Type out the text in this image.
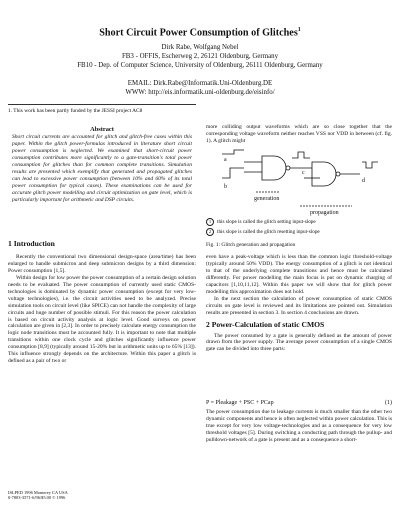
Short Circuit Power Consumption of Glitches$^1$
Dirk Rabe, Wolfgang Nebel
FB3 - OFFIS, Escherweg 2, 26121 Oldenburg, Germany
FB10 - Dep. of Computer Science, University of Oldenburg, 26111 Oldenburg, Germany
EMAIL: Dirk.Rabe@Informatik.Uni-Oldenburg.DE
WWW: http://eis.informatik.uni-oldenburg.de/eisinfo/
1. This work has been partly funded by the JESSI project AC8
Abstract
Short circuit currents are accounted for glitch and glitch-free cases within this paper. Within the glitch power-formulas introduced in literature short circuit power consumption is neglected. We examined that short-circuit power consumption contributes more significantly to a gate-transition's total power consumption for glitches than for common complete transitions. Simulation results are presented which exemplify that generated and propagated glitches can lead to excessive power consumption (between 10% and 60% of its total power consumption for typical cases). These examinations can be used for accurate glitch power modelling and circuit optimization on gate level, which is particularly important for arithmetic and DSP circuits.
1 Introduction

Recently the conventional two dimensional design-space (area/time) has been enlarged to handle submicron and deep submicron designs by a third dimension: Power consumption [1,5].

Within design for low power the power consumption of a certain design solution needs to be evaluated. The power consumption of currently used static CMOS-technologies is dominated by dynamic power consumption (except for very low-voltage technologies), i.e. the circuit activities need to be analyzed. Precise simulation tools on circuit level (like SPICE) can not handle the complexity of large circuits and huge number of possible stimuli. For this reason the power calculation is based on circuit activity analysis at logic level. Good surveys on power calculation are given in [2,3]. In order to precisely calculate energy consumption the logic node transitions must be accounted fully. It is important to note that multiple transitions within one clock cycle and glitches significantly influence power consumption [8,9] (typically around 15-20% but in arithmetic units up to 65% [13]). This influence strongly depends on the architecture. Within this paper a glitch is defined as a pair of two or

more colliding output waveforms which are so close together that the corresponding voltage waveform neither reaches VSS nor VDD in between (cf. fig. 1). A glitch might

a
b
c
d
generation
propagation
1	this slope is called the glitch setting input-slope
2	this slope is called the glitch resetting input-slope
Fig. 1: Glitch generation and propagation

even have a peak-voltage which is less than the common logic threshold-voltage (typically around 50% VDD). The energy consumption of a glitch is not identical to that of the underlying complete transitions and hence must be calculated differently. For power modelling the main focus is put on dynamic charging of capacitors [1,10,11,12]. Within this paper we will show that for glitch power modelling this approximation does not hold.

In the next section the calculation of power consumption of static CMOS circuits on gate level is reviewed and its limitations are pointed out. Simulation results are presented in section 3. In section 4 conclusions are drawn.

2 Power-Calculation of static CMOS

The power consumed by a gate is generally defined as the amount of power drawn from the power supply. The average power consumption of a single CMOS gate can be divided into three parts:

P = Pleakage + PSC + PCap	(1)

The power consumption due to leakage currents is much smaller than the other two dynamic components and hence is often neglected within power calculation. This is true except for very low voltage-technologies and as a consequence for very low threshold voltages [5]. During switching a conducting path through the pullup- and pulldown-network of a gate is present and as a consequence a short-

ISLPED 1996 Monterey CA USA
0-7803-3571-6/96/$5.00 © 1996
